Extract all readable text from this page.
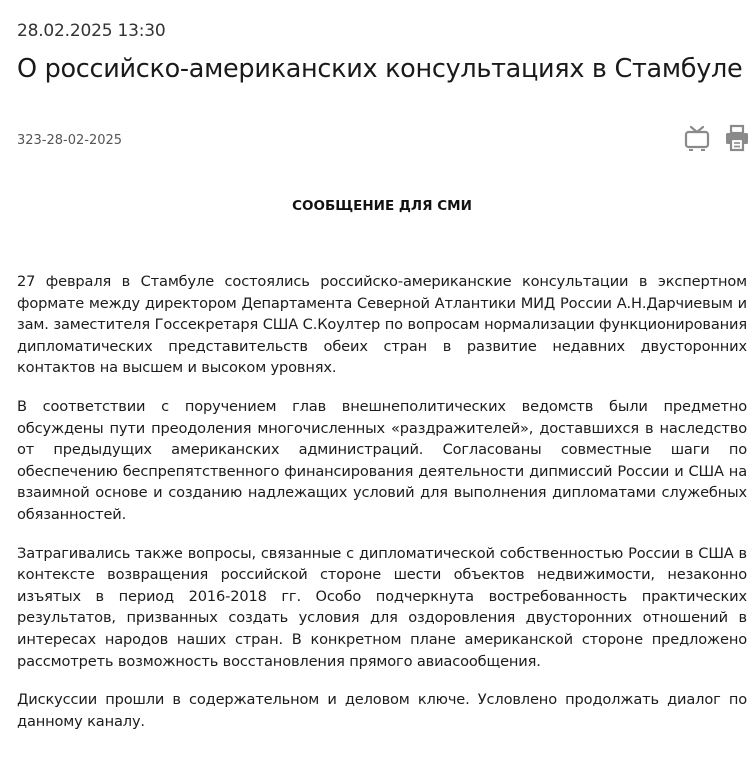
28.02.2025 13:30
О российско-американских консультациях в Стамбуле
323-28-02-2025
СООБЩЕНИЕ ДЛЯ СМИ

27 февраля в Стамбуле состоялись российско-американские консультации в экспертном формате между директором Департамента Северной Атлантики МИД России А.Н.Дарчиевым и зам. заместителя Госсекретаря США С.Коултер по вопросам нормализации функционирования дипломатических представительств обеих стран в развитие недавних двусторонних контактов на высшем и высоком уровнях.

В соответствии с поручением глав внешнеполитических ведомств были предметно обсуждены пути преодоления многочисленных «раздражителей», доставшихся в наследство от предыдущих американских администраций. Согласованы совместные шаги по обеспечению беспрепятственного финансирования деятельности дипмиссий России и США на взаимной основе и созданию надлежащих условий для выполнения дипломатами служебных обязанностей.

Затрагивались также вопросы, связанные с дипломатической собственностью России в США в контексте возвращения российской стороне шести объектов недвижимости, незаконно изъятых в период 2016-2018 гг. Особо подчеркнута востребованность практических результатов, призванных создать условия для оздоровления двусторонних отношений в интересах народов наших стран. В конкретном плане американской стороне предложено рассмотреть возможность восстановления прямого авиасообщения.

Дискуссии прошли в содержательном и деловом ключе. Условлено продолжать диалог по данному каналу.
